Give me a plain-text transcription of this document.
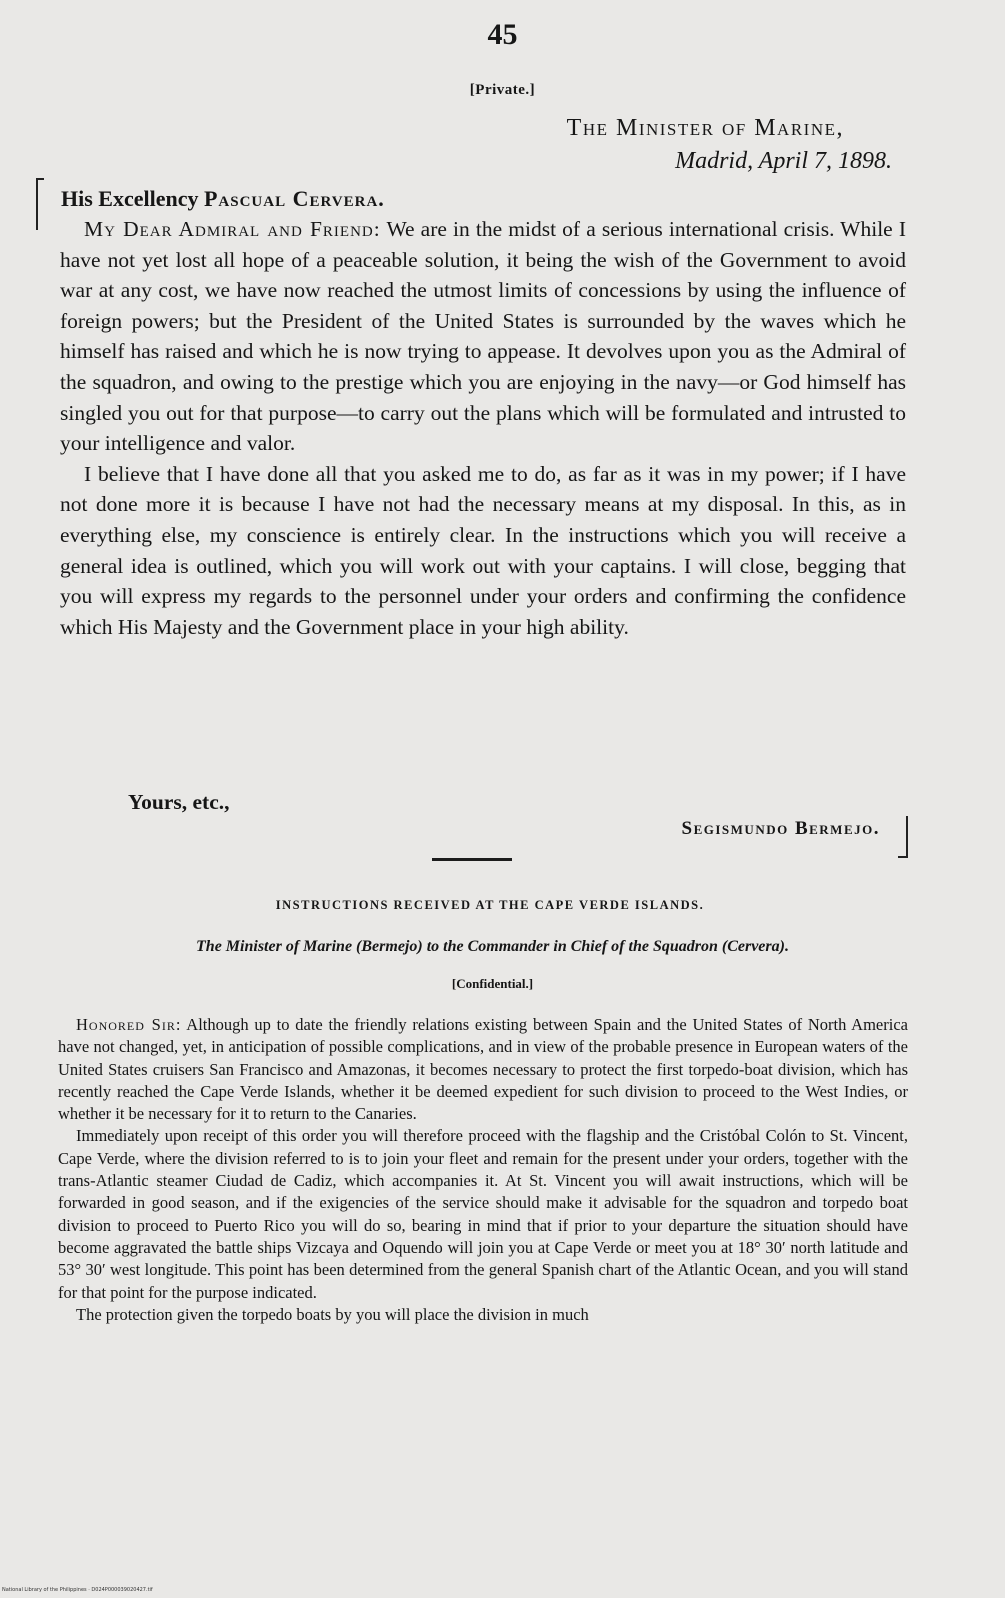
45
[Private.]
The Minister of Marine,
Madrid, April 7, 1898.
His Excellency Pascual Cervera.

My Dear Admiral and Friend: We are in the midst of a serious international crisis. While I have not yet lost all hope of a peaceable solution, it being the wish of the Government to avoid war at any cost, we have now reached the utmost limits of concessions by using the influence of foreign powers; but the President of the United States is surrounded by the waves which he himself has raised and which he is now trying to appease. It devolves upon you as the Admiral of the squadron, and owing to the prestige which you are enjoying in the navy—or God himself has singled you out for that purpose—to carry out the plans which will be formulated and intrusted to your intelligence and valor.

I believe that I have done all that you asked me to do, as far as it was in my power; if I have not done more it is because I have not had the necessary means at my disposal. In this, as in everything else, my conscience is entirely clear. In the instructions which you will receive a general idea is outlined, which you will work out with your captains. I will close, begging that you will express my regards to the personnel under your orders and confirming the confidence which His Majesty and the Government place in your high ability.

Yours, etc.,
Segismundo Bermejo.
INSTRUCTIONS RECEIVED AT THE CAPE VERDE ISLANDS.
The Minister of Marine (Bermejo) to the Commander in Chief of the Squadron (Cervera).
[Confidential.]

Honored Sir: Although up to date the friendly relations existing between Spain and the United States of North America have not changed, yet, in anticipation of possible complications, and in view of the probable presence in European waters of the United States cruisers San Francisco and Amazonas, it becomes necessary to protect the first torpedo-boat division, which has recently reached the Cape Verde Islands, whether it be deemed expedient for such division to proceed to the West Indies, or whether it be necessary for it to return to the Canaries.

Immediately upon receipt of this order you will therefore proceed with the flagship and the Cristóbal Colón to St. Vincent, Cape Verde, where the division referred to is to join your fleet and remain for the present under your orders, together with the trans-Atlantic steamer Ciudad de Cadiz, which accompanies it. At St. Vincent you will await instructions, which will be forwarded in good season, and if the exigencies of the service should make it advisable for the squadron and torpedo boat division to proceed to Puerto Rico you will do so, bearing in mind that if prior to your departure the situation should have become aggravated the battle ships Vizcaya and Oquendo will join you at Cape Verde or meet you at 18° 30′ north latitude and 53° 30′ west longitude. This point has been determined from the general Spanish chart of the Atlantic Ocean, and you will stand for that point for the purpose indicated.

The protection given the torpedo boats by you will place the division in much

National Library of the Philippines · D024P000039020427.tif
